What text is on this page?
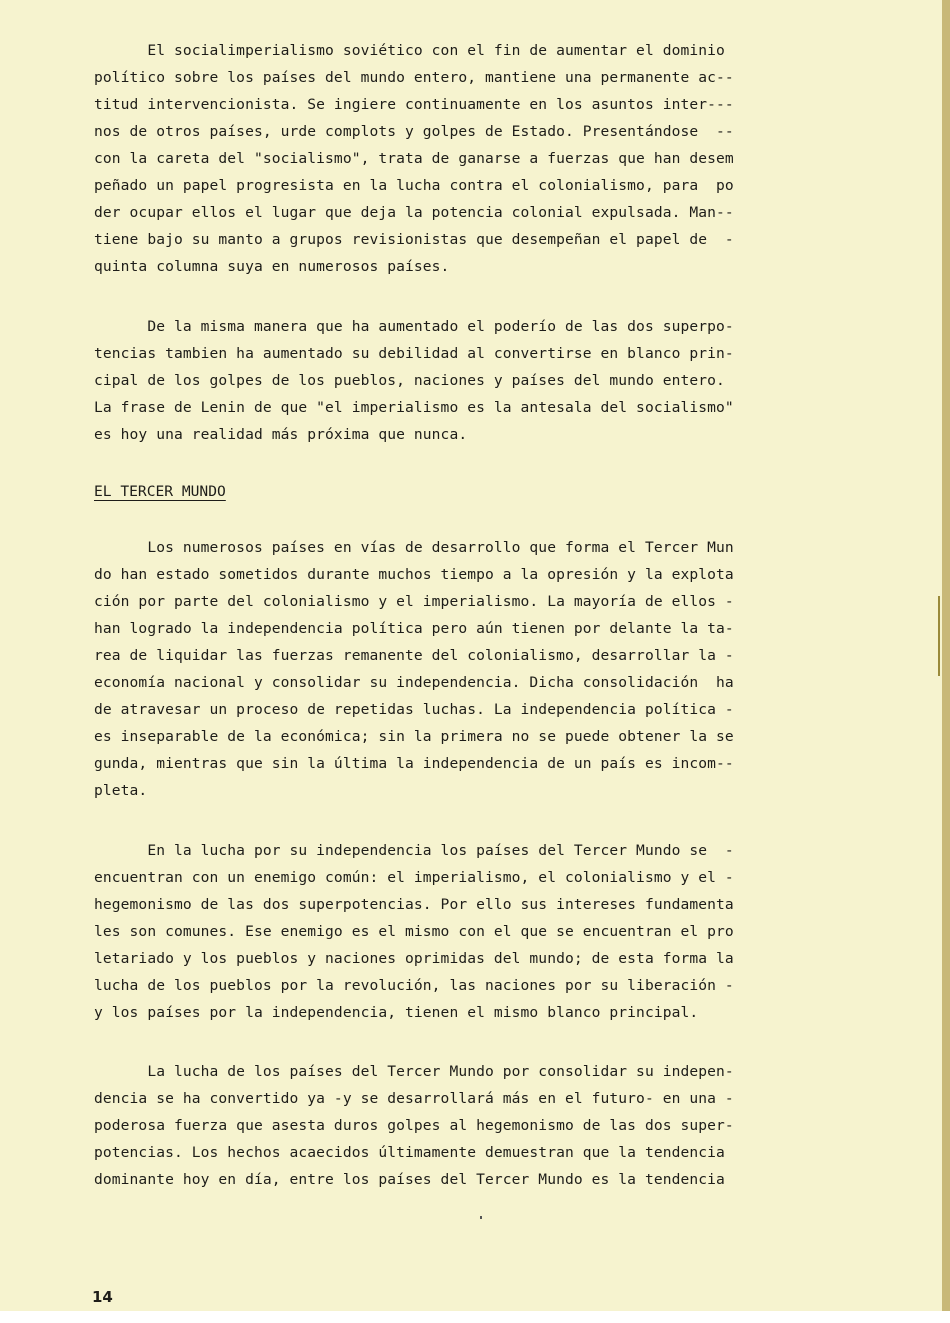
El socialimperialismo soviético con el fin de aumentar el dominio
político sobre los países del mundo entero, mantiene una permanente ac--
titud intervencionista. Se ingiere continuamente en los asuntos inter---
nos de otros países, urde complots y golpes de Estado. Presentándose  --
con la careta del "socialismo", trata de ganarse a fuerzas que han desem
peñado un papel progresista en la lucha contra el colonialismo, para  po
der ocupar ellos el lugar que deja la potencia colonial expulsada. Man--
tiene bajo su manto a grupos revisionistas que desempeñan el papel de  -
quinta columna suya en numerosos países.

De la misma manera que ha aumentado el poderío de las dos superpo-
tencias tambien ha aumentado su debilidad al convertirse en blanco prin-
cipal de los golpes de los pueblos, naciones y países del mundo entero.
La frase de Lenin de que "el imperialismo es la antesala del socialismo"
es hoy una realidad más próxima que nunca.

EL TERCER MUNDO

Los numerosos países en vías de desarrollo que forma el Tercer Mun
do han estado sometidos durante muchos tiempo a la opresión y la explota
ción por parte del colonialismo y el imperialismo. La mayoría de ellos -
han logrado la independencia política pero aún tienen por delante la ta-
rea de liquidar las fuerzas remanente del colonialismo, desarrollar la -
economía nacional y consolidar su independencia. Dicha consolidación  ha
de atravesar un proceso de repetidas luchas. La independencia política -
es inseparable de la económica; sin la primera no se puede obtener la se
gunda, mientras que sin la última la independencia de un país es incom--
pleta.

En la lucha por su independencia los países del Tercer Mundo se  -
encuentran con un enemigo común: el imperialismo, el colonialismo y el -
hegemonismo de las dos superpotencias. Por ello sus intereses fundamenta
les son comunes. Ese enemigo es el mismo con el que se encuentran el pro
letariado y los pueblos y naciones oprimidas del mundo; de esta forma la
lucha de los pueblos por la revolución, las naciones por su liberación -
y los países por la independencia, tienen el mismo blanco principal.

La lucha de los países del Tercer Mundo por consolidar su indepen-
dencia se ha convertido ya -y se desarrollará más en el futuro- en una -
poderosa fuerza que asesta duros golpes al hegemonismo de las dos super-
potencias. Los hechos acaecidos últimamente demuestran que la tendencia
dominante hoy en día, entre los países del Tercer Mundo es la tendencia

14
